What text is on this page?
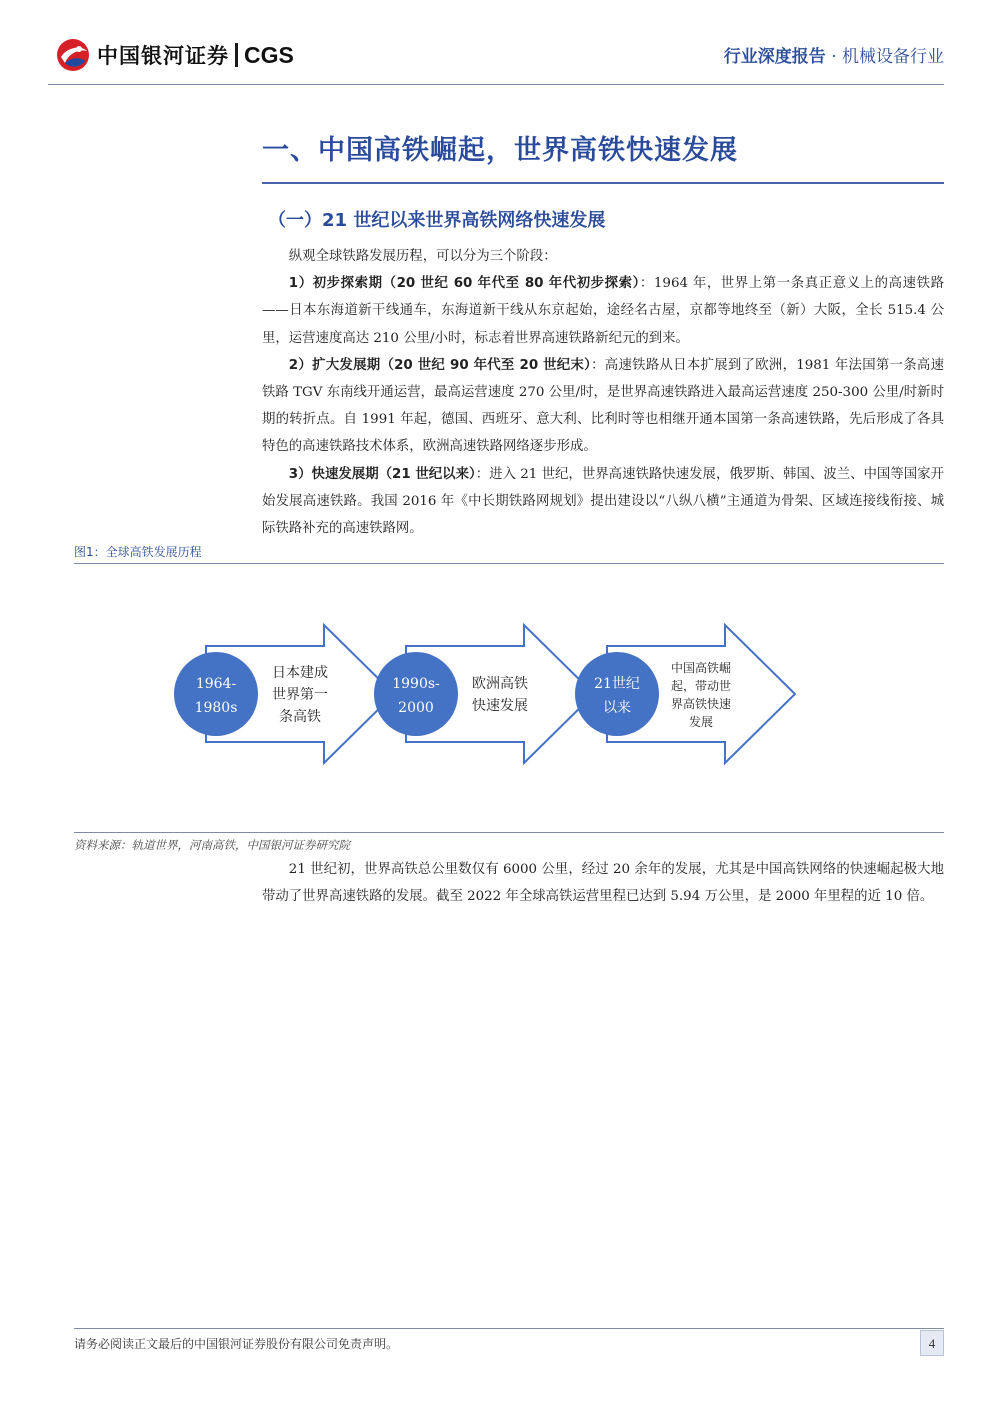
中国银河证券 CGS	行业深度报告 · 机械设备行业
一、中国高铁崛起，世界高铁快速发展
（一）21 世纪以来世界高铁网络快速发展

纵观全球铁路发展历程，可以分为三个阶段：

1）初步探索期（20 世纪 60 年代至 80 年代初步探索）：1964 年，世界上第一条真正意义上的高速铁路——日本东海道新干线通车，东海道新干线从东京起始，途经名古屋，京都等地终至（新）大阪，全长 515.4 公里，运营速度高达 210 公里/小时，标志着世界高速铁路新纪元的到来。

2）扩大发展期（20 世纪 90 年代至 20 世纪末）：高速铁路从日本扩展到了欧洲，1981 年法国第一条高速铁路 TGV 东南线开通运营，最高运营速度 270 公里/时，是世界高速铁路进入最高运营速度 250-300 公里/时新时期的转折点。自 1991 年起，德国、西班牙、意大利、比利时等也相继开通本国第一条高速铁路，先后形成了各具特色的高速铁路技术体系，欧洲高速铁路网络逐步形成。

3）快速发展期（21 世纪以来）：进入 21 世纪，世界高速铁路快速发展，俄罗斯、韩国、波兰、中国等国家开始发展高速铁路。我国 2016 年《中长期铁路网规划》提出建设以“八纵八横”主通道为骨架、区域连接线衔接、城际铁路补充的高速铁路网。

图1：全球高铁发展历程
1964-
1980s
日本建成
世界第一
条高铁
1990s-
2000
欧洲高铁
快速发展
21世纪
以来
中国高铁崛
起，带动世
界高铁快速
发展
资料来源：轨道世界，河南高铁，中国银河证券研究院

21 世纪初，世界高铁总公里数仅有 6000 公里，经过 20 余年的发展，尤其是中国高铁网络的快速崛起极大地带动了世界高速铁路的发展。截至 2022 年全球高铁运营里程已达到 5.94 万公里，是 2000 年里程的近 10 倍。

请务必阅读正文最后的中国银河证券股份有限公司免责声明。	4
